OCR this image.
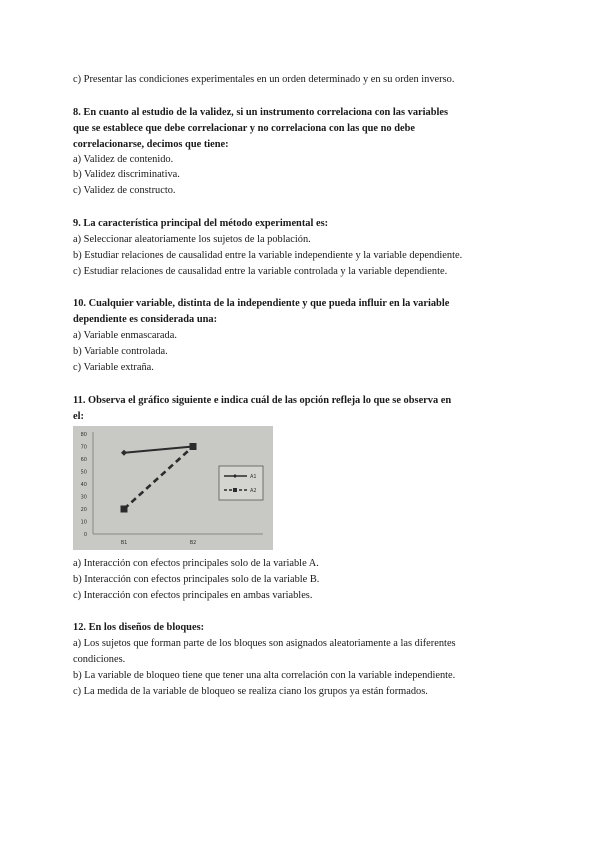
c) Presentar las condiciones experimentales en un orden determinado y en su orden inverso.
8. En cuanto al estudio de la validez, si un instrumento correlaciona con las variables
que se establece que debe correlacionar y no correlaciona con las que no debe
correlacionarse, decimos que tiene:
a) Validez de contenido.
b) Validez discriminativa.
c) Validez de constructo.
9. La característica principal del método experimental es:
a) Seleccionar aleatoriamente los sujetos de la población.
b) Estudiar relaciones de causalidad entre la variable independiente y la variable dependiente.
c) Estudiar relaciones de causalidad entre la variable controlada y la variable dependiente.
10. Cualquier variable, distinta de la independiente y que pueda influir en la variable
dependiente es considerada una:
a) Variable enmascarada.
b) Variable controlada.
c) Variable extraña.
11. Observa el gráfico siguiente e indica cuál de las opción refleja lo que se observa en
el:
0
10
20
30
40
50
60
70
80
B1	B2
A1
A2
a) Interacción con efectos principales solo de la variable A.
b) Interacción con efectos principales solo de la variable B.
c) Interacción con efectos principales en ambas variables.
12. En los diseños de bloques:
a) Los sujetos que forman parte de los bloques son asignados aleatoriamente a las diferentes
condiciones.
b) La variable de bloqueo tiene que tener una alta correlación con la variable independiente.
c) La medida de la variable de bloqueo se realiza ciano los grupos ya están formados.
